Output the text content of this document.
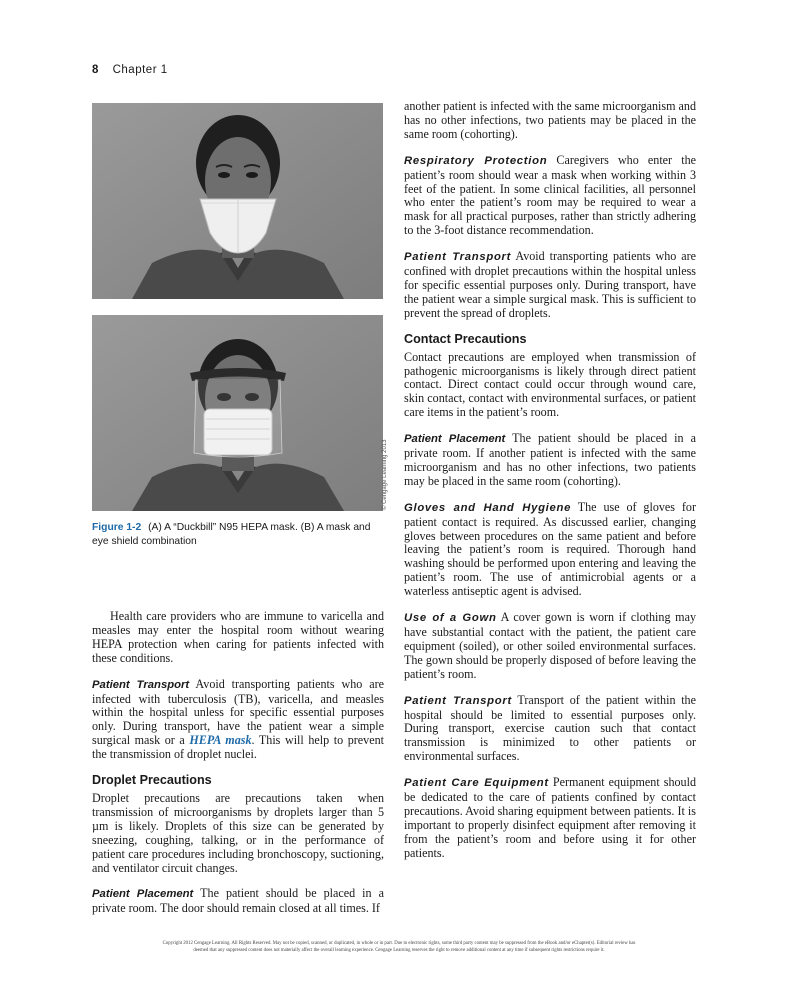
8 Chapter 1
© Cengage Learning 2013
Figure 1-2 (A) A “Duckbill” N95 HEPA mask. (B) A mask and eye shield combination

Health care providers who are immune to varicella and measles may enter the hospital room without wearing HEPA protection when caring for patients infected with these conditions.

Patient Transport Avoid transporting patients who are infected with tuberculosis (TB), varicella, and measles within the hospital unless for specific essential purposes only. During transport, have the patient wear a simple surgical mask or a HEPA mask. This will help to prevent the transmission of droplet nuclei.

Droplet Precautions

Droplet precautions are precautions taken when transmission of microorganisms by droplets larger than 5 µm is likely. Droplets of this size can be generated by sneezing, coughing, talking, or in the performance of patient care procedures including bronchoscopy, suctioning, and ventilator circuit changes.

Patient Placement The patient should be placed in a private room. The door should remain closed at all times. If

another patient is infected with the same microorganism and has no other infections, two patients may be placed in the same room (cohorting).

Respiratory Protection Caregivers who enter the patient’s room should wear a mask when working within 3 feet of the patient. In some clinical facilities, all personnel who enter the patient’s room may be required to wear a mask for all practical purposes, rather than strictly adhering to the 3-foot distance recommendation.

Patient Transport Avoid transporting patients who are confined with droplet precautions within the hospital unless for specific essential purposes only. During transport, have the patient wear a simple surgical mask. This is sufficient to prevent the spread of droplets.

Contact Precautions

Contact precautions are employed when transmission of pathogenic microorganisms is likely through direct patient contact. Direct contact could occur through wound care, skin contact, contact with environmental surfaces, or patient care items in the patient’s room.

Patient Placement The patient should be placed in a private room. If another patient is infected with the same microorganism and has no other infections, two patients may be placed in the same room (cohorting).

Gloves and Hand Hygiene The use of gloves for patient contact is required. As discussed earlier, changing gloves between procedures on the same patient and before leaving the patient’s room is required. Thorough hand washing should be performed upon entering and leaving the patient’s room. The use of antimicrobial agents or a waterless antiseptic agent is advised.

Use of a Gown A cover gown is worn if clothing may have substantial contact with the patient, the patient care equipment (soiled), or other soiled environmental surfaces. The gown should be properly disposed of before leaving the patient’s room.

Patient Transport Transport of the patient within the hospital should be limited to essential purposes only. During transport, exercise caution such that contact transmission is minimized to other patients or environmental surfaces.

Patient Care Equipment Permanent equipment should be dedicated to the care of patients confined by contact precautions. Avoid sharing equipment between patients. It is important to properly disinfect equipment after removing it from the patient’s room and before using it for other patients.

Copyright 2012 Cengage Learning. All Rights Reserved. May not be copied, scanned, or duplicated, in whole or in part. Due to electronic rights, some third party content may be suppressed from the eBook and/or eChapter(s). Editorial review has
deemed that any suppressed content does not materially affect the overall learning experience. Cengage Learning reserves the right to remove additional content at any time if subsequent rights restrictions require it.
